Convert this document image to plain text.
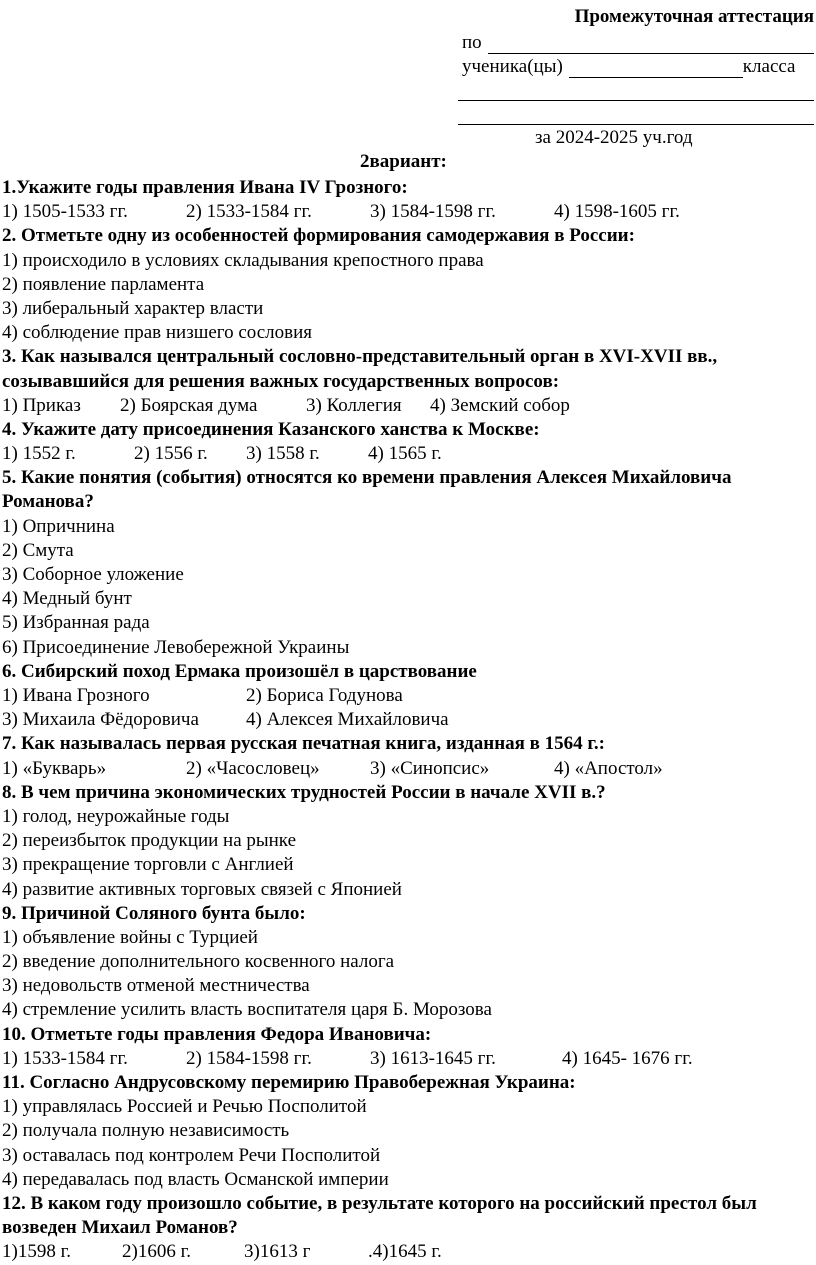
Промежуточная аттестация
по
ученика(цы)	класса
за 2024-2025 уч.год
2вариант:
1.Укажите годы правления Ивана IV Грозного:
1) 1505-1533 гг.	2) 1533-1584 гг.	3) 1584-1598 гг.	4) 1598-1605 гг.
2. Отметьте одну из особенностей формирования самодержавия в России:
1) происходило в условиях складывания крепостного права
2) появление парламента
3) либеральный характер власти
4) соблюдение прав низшего сословия
3. Как назывался центральный сословно-представительный орган в XVI-XVII вв., созывавшийся для решения важных государственных вопросов:
1) Приказ	2) Боярская дума	3) Коллегия	4) Земский собор
4. Укажите дату присоединения Казанского ханства к Москве:
1) 1552 г.	2) 1556 г.	3) 1558 г.	4) 1565 г.
5. Какие понятия (события) относятся ко времени правления Алексея Михайловича Романова?
1) Опричнина
2) Смута
3) Соборное уложение
4) Медный бунт
5) Избранная рада
6) Присоединение Левобережной Украины
6. Сибирский поход Ермака произошёл в царствование
1) Ивана Грозного	2) Бориса Годунова
3) Михаила Фёдоровича	4) Алексея Михайловича
7. Как называлась первая русская печатная книга, изданная в 1564 г.:
1) «Букварь»	2) «Часословец»	3) «Синопсис»	4) «Апостол»
8. В чем причина экономических трудностей России в начале XVII в.?
1) голод, неурожайные годы
2) переизбыток продукции на рынке
3) прекращение торговли с Англией
4) развитие активных торговых связей с Японией
9. Причиной Соляного бунта было:
1) объявление войны с Турцией
2) введение дополнительного косвенного налога
3) недовольств отменой местничества
4) стремление усилить власть воспитателя царя Б. Морозова
10. Отметьте годы правления Федора Ивановича:
1) 1533-1584 гг.	2) 1584-1598 гг.	3) 1613-1645 гг.	4) 1645- 1676 гг.
11. Согласно Андрусовскому перемирию Правобережная Украина:
1) управлялась Россией и Речью Посполитой
2) получала полную независимость
3) оставалась под контролем Речи Посполитой
4) передавалась под власть Османской империи
12. В каком году произошло событие, в результате которого на российский престол был возведен Михаил Романов?
1)1598 г.	2)1606 г.	3)1613 г	.4)1645 г.
